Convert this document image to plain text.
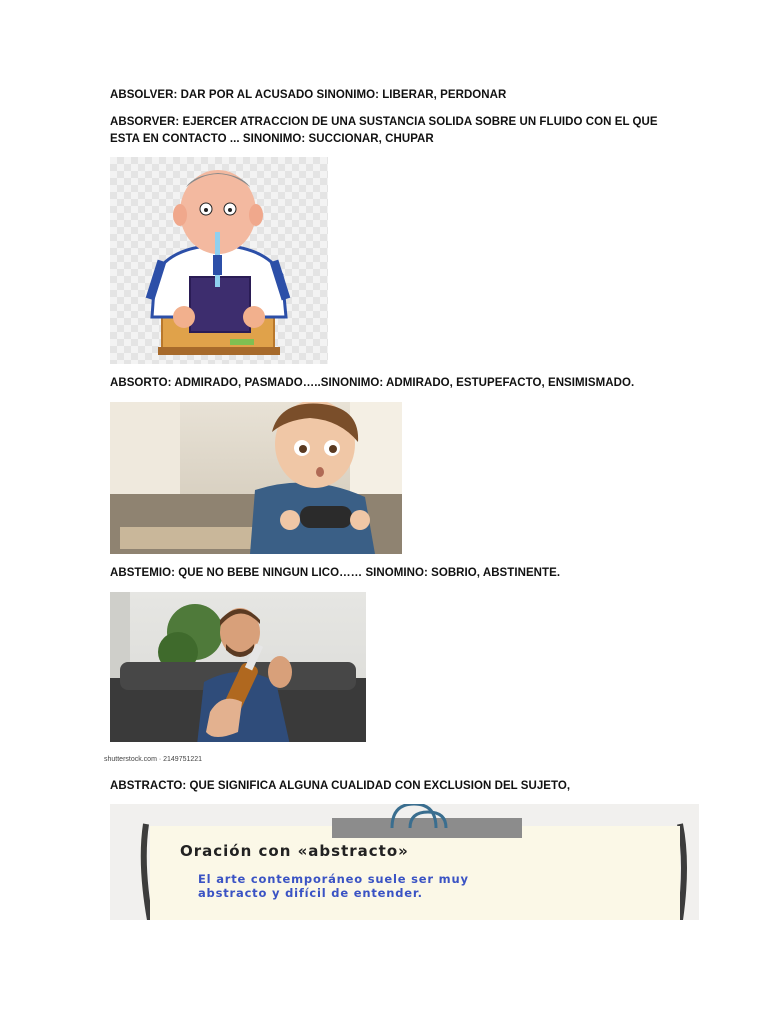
ABSOLVER: DAR POR AL ACUSADO SINONIMO: LIBERAR, PERDONAR
ABSORVER: EJERCER ATRACCION DE UNA SUSTANCIA SOLIDA SOBRE UN FLUIDO CON EL QUE
ESTA EN CONTACTO ... SINONIMO: SUCCIONAR, CHUPAR
ABSORTO: ADMIRADO, PASMADO…..SINONIMO: ADMIRADO, ESTUPEFACTO, ENSIMISMADO.
ABSTEMIO: QUE NO BEBE NINGUN LICO…… SINOMINO: SOBRIO, ABSTINENTE.
shutterstock.com · 2149751221
ABSTRACTO: QUE SIGNIFICA ALGUNA CUALIDAD CON EXCLUSION DEL SUJETO,
Oración con «abstracto»
El arte contemporáneo suele ser muy
abstracto y difícil de entender.
